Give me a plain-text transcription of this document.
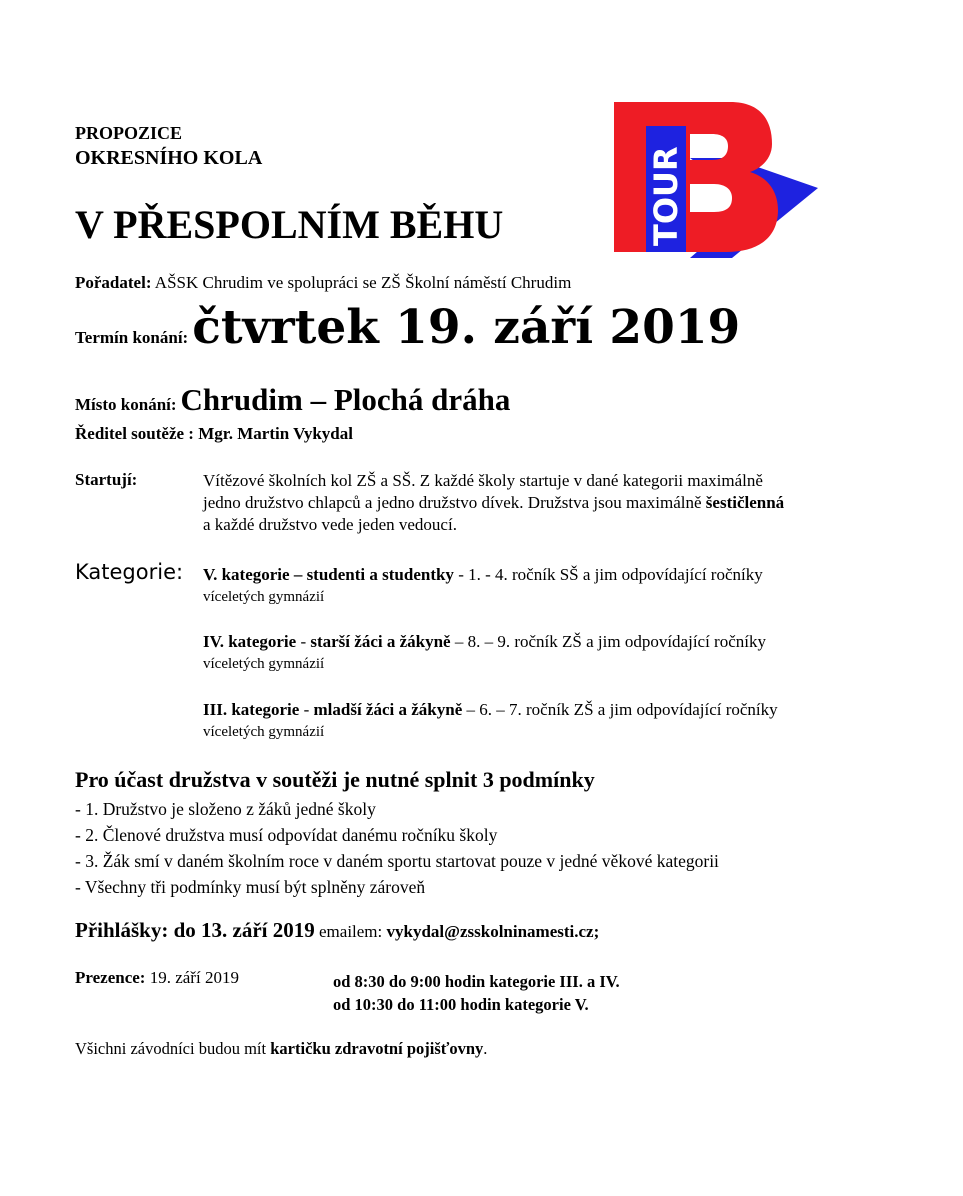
PROPOZICE
OKRESNÍHO KOLA
V PŘESPOLNÍM BĚHU	TOUR
Pořadatel: AŠSK Chrudim ve spolupráci se ZŠ Školní náměstí Chrudim
Termín konání: čtvrtek 19. září 2019
Místo konání: Chrudim – Plochá dráha
Ředitel soutěže : Mgr. Martin Vykydal
Startují:	Vítězové školních kol ZŠ a SŠ. Z každé školy startuje v dané kategorii maximálně
jedno družstvo chlapců a jedno družstvo dívek. Družstva jsou maximálně šestičlenná
a každé družstvo vede jeden vedoucí.
Kategorie: V. kategorie – studenti a studentky - 1. - 4. ročník SŠ a jim odpovídající ročníky
víceletých gymnázií
IV. kategorie - starší žáci a žákyně – 8. – 9. ročník ZŠ a jim odpovídající ročníky
víceletých gymnázií
III. kategorie - mladší žáci a žákyně – 6. – 7. ročník ZŠ a jim odpovídající ročníky
víceletých gymnázií
Pro účast družstva v soutěži je nutné splnit 3 podmínky
- 1. Družstvo je složeno z žáků jedné školy
- 2. Členové družstva musí odpovídat danému ročníku školy
- 3. Žák smí v daném školním roce v daném sportu startovat pouze v jedné věkové kategorii
- Všechny tři podmínky musí být splněny zároveň
Přihlášky: do 13. září 2019 emailem: vykydal@zsskolninamesti.cz;
Prezence: 19. září 2019	od 8:30 do 9:00 hodin kategorie III. a IV.
od 10:30 do 11:00 hodin kategorie V.
Všichni závodníci budou mít kartičku zdravotní pojišťovny.
